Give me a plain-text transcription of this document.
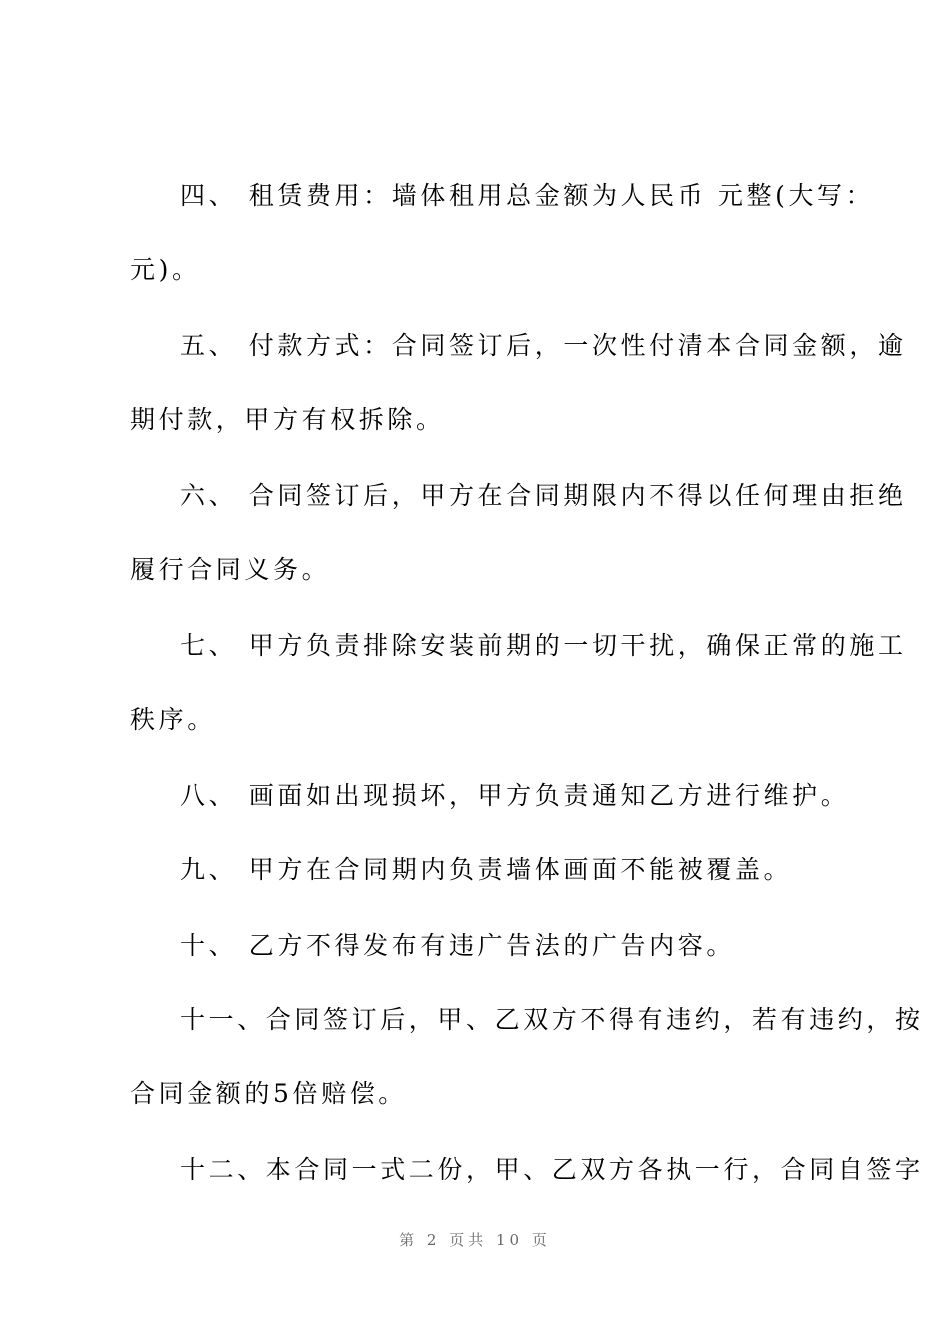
四、 租赁费用：墙体租用总金额为人民币 元整(大写：
元)。
五、 付款方式：合同签订后，一次性付清本合同金额，逾
期付款，甲方有权拆除。
六、 合同签订后，甲方在合同期限内不得以任何理由拒绝
履行合同义务。
七、 甲方负责排除安装前期的一切干扰，确保正常的施工
秩序。
八、 画面如出现损坏，甲方负责通知乙方进行维护。
九、 甲方在合同期内负责墙体画面不能被覆盖。
十、 乙方不得发布有违广告法的广告内容。
十一、合同签订后，甲、乙双方不得有违约，若有违约，按
合同金额的5倍赔偿。
十二、本合同一式二份，甲、乙双方各执一行，合同自签字
第 2 页共 10 页
